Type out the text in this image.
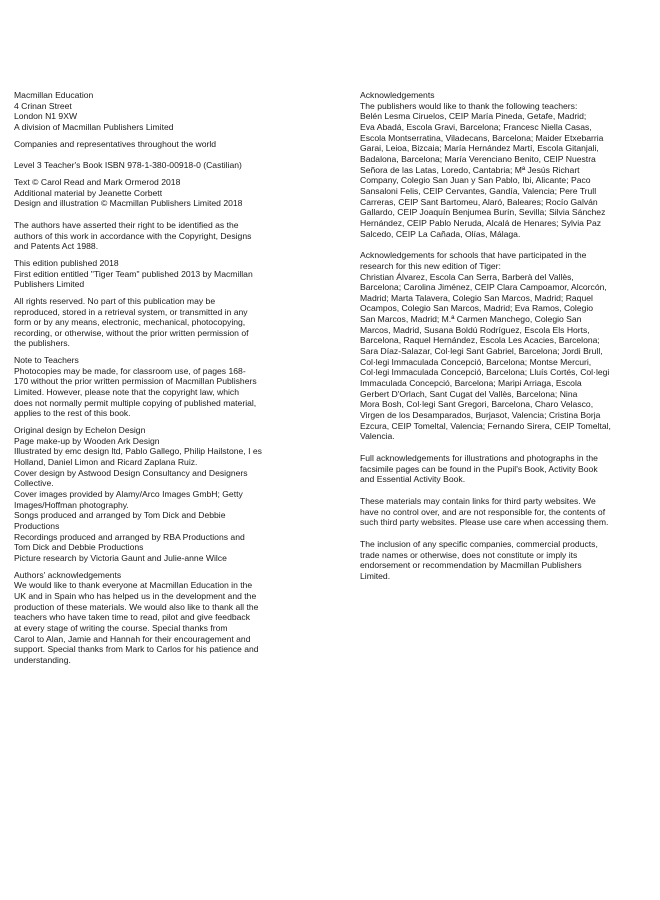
Macmillan Education
4 Crinan Street
London N1 9XW
A division of Macmillan Publishers Limited

Companies and representatives throughout the world

Level 3 Teacher's Book ISBN 978-1-380-00918-0 (Castilian)

Text © Carol Read and Mark Ormerod 2018
Additional material by Jeanette Corbett
Design and illustration © Macmillan Publishers Limited 2018

The authors have asserted their right to be identified as the
authors of this work in accordance with the Copyright, Designs
and Patents Act 1988.

This edition published 2018
First edition entitled "Tiger Team" published 2013 by Macmillan
Publishers Limited

All rights reserved. No part of this publication may be
reproduced, stored in a retrieval system, or transmitted in any
form or by any means, electronic, mechanical, photocopying,
recording, or otherwise, without the prior written permission of
the publishers.

Note to Teachers
Photocopies may be made, for classroom use, of pages 168-
170 without the prior written permission of Macmillan Publishers
Limited. However, please note that the copyright law, which
does not normally permit multiple copying of published material,
applies to the rest of this book.

Original design by Echelon Design
Page make-up by Wooden Ark Design
Illustrated by emc design ltd, Pablo Gallego, Philip Hailstone, I es
Holland, Daniel Limon and Ricard Zaplana Ruiz.
Cover design by Astwood Design Consultancy and Designers
Collective.
Cover images provided by Alamy/Arco Images GmbH; Getty
Images/Hoffman photography.
Songs produced and arranged by Tom Dick and Debbie
Productions
Recordings produced and arranged by RBA Productions and
Tom Dick and Debbie Productions
Picture research by Victoria Gaunt and Julie-anne Wilce

Authors' acknowledgements
We would like to thank everyone at Macmillan Education in the
UK and in Spain who has helped us in the development and the
production of these materials. We would also like to thank all the
teachers who have taken time to read, pilot and give feedback
at every stage of writing the course. Special thanks from
Carol to Alan, Jamie and Hannah for their encouragement and
support. Special thanks from Mark to Carlos for his patience and
understanding.

Acknowledgements
The publishers would like to thank the following teachers:
Belén Lesma Ciruelos, CEIP María Pineda, Getafe, Madrid;
Eva Abadá, Escola Gravi, Barcelona; Francesc Niella Casas,
Escola Montserratina, Viladecans, Barcelona; Maider Etxebarria
Garai, Leioa, Bizcaia; María Hernández Martí, Escola Gitanjali,
Badalona, Barcelona; María Verenciano Benito, CEIP Nuestra
Señora de las Latas, Loredo, Cantabria; Mª Jesús Richart
Company, Colegio San Juan y San Pablo, Ibi, Alicante; Paco
Sansaloni Felis, CEIP Cervantes, Gandía, Valencia; Pere Trull
Carreras, CEIP Sant Bartomeu, Alaró, Baleares; Rocío Galván
Gallardo, CEIP Joaquín Benjumea Burín, Sevilla; Silvia Sánchez
Hernández, CEIP Pablo Neruda, Alcalá de Henares; Sylvia Paz
Salcedo, CEIP La Cañada, Olías, Málaga.

Acknowledgements for schools that have participated in the
research for this new edition of Tiger:
Christian Álvarez, Escola Can Serra, Barberà del Vallès,
Barcelona; Carolina Jiménez, CEIP Clara Campoamor, Alcorcón,
Madrid; Marta Talavera, Colegio San Marcos, Madrid; Raquel
Ocampos, Colegio San Marcos, Madrid; Eva Ramos, Colegio
San Marcos, Madrid; M.ª Carmen Manchego, Colegio San
Marcos, Madrid, Susana Boldú Rodríguez, Escola Els Horts,
Barcelona, Raquel Hernández, Escola Les Acacies, Barcelona;
Sara Díaz-Salazar, Col·legi Sant Gabriel, Barcelona; Jordi Brull,
Col·legi Immaculada Concepció, Barcelona; Montse Mercuri,
Col·legi Immaculada Concepció, Barcelona; Lluís Cortés, Col·legi
Immaculada Concepció, Barcelona; Maripi Arriaga, Escola
Gerbert D'Orlach, Sant Cugat del Vallès, Barcelona; Nina
Mora Bosh, Col·legi Sant Gregori, Barcelona, Charo Velasco,
Virgen de los Desamparados, Burjasot, Valencia; Cristina Borja
Ezcura, CEIP Tomeltal, Valencia; Fernando Sirera, CEIP Tomeltal,
Valencia.

Full acknowledgements for illustrations and photographs in the
facsimile pages can be found in the Pupil's Book, Activity Book
and Essential Activity Book.

These materials may contain links for third party websites. We
have no control over, and are not responsible for, the contents of
such third party websites. Please use care when accessing them.

The inclusion of any specific companies, commercial products,
trade names or otherwise, does not constitute or imply its
endorsement or recommendation by Macmillan Publishers
Limited.
